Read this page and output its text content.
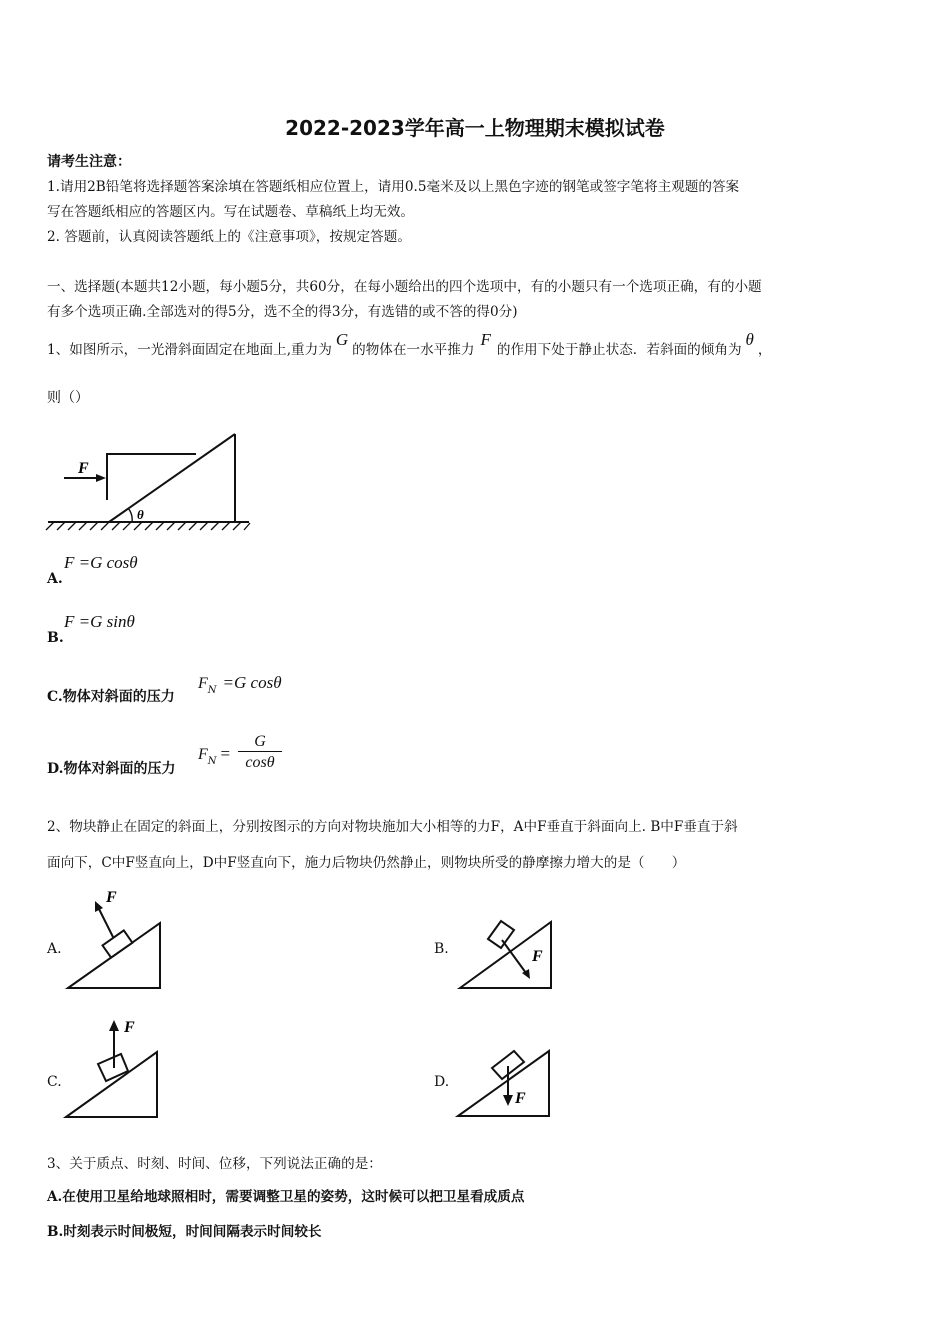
2022-2023学年高一上物理期末模拟试卷
请考生注意：
1.请用2B铅笔将选择题答案涂填在答题纸相应位置上，请用0.5毫米及以上黑色字迹的钢笔或签字笔将主观题的答案
写在答题纸相应的答题区内。写在试题卷、草稿纸上均无效。
2. 答题前，认真阅读答题纸上的《注意事项》，按规定答题。
一、选择题(本题共12小题，每小题5分，共60分，在每小题给出的四个选项中，有的小题只有一个选项正确，有的小题
有多个选项正确.全部选对的得5分，选不全的得3分，有选错的或不答的得0分)
1、如图所示，一光滑斜面固定在地面上,重力为G的物体在一水平推力F的作用下处于静止状态．若斜面的倾角为θ，
则（）
F
θ
A.
F =G cosθ
B.
F =G sinθ
C.物体对斜面的压力
$F_N =G$ cosθ
D.物体对斜面的压力
$F_N$ =
G
cosθ
2、物块静止在固定的斜面上，分别按图示的方向对物块施加大小相等的力F，A中F垂直于斜面向上. B中F垂直于斜
面向下，C中F竖直向上，D中F竖直向下，施力后物块仍然静止，则物块所受的静摩擦力增大的是（　　）
A.	B.
C.	D.
F
F
F
F
3、关于质点、时刻、时间、位移，下列说法正确的是：
A.在使用卫星给地球照相时，需要调整卫星的姿势，这时候可以把卫星看成质点
B.时刻表示时间极短，时间间隔表示时间较长
